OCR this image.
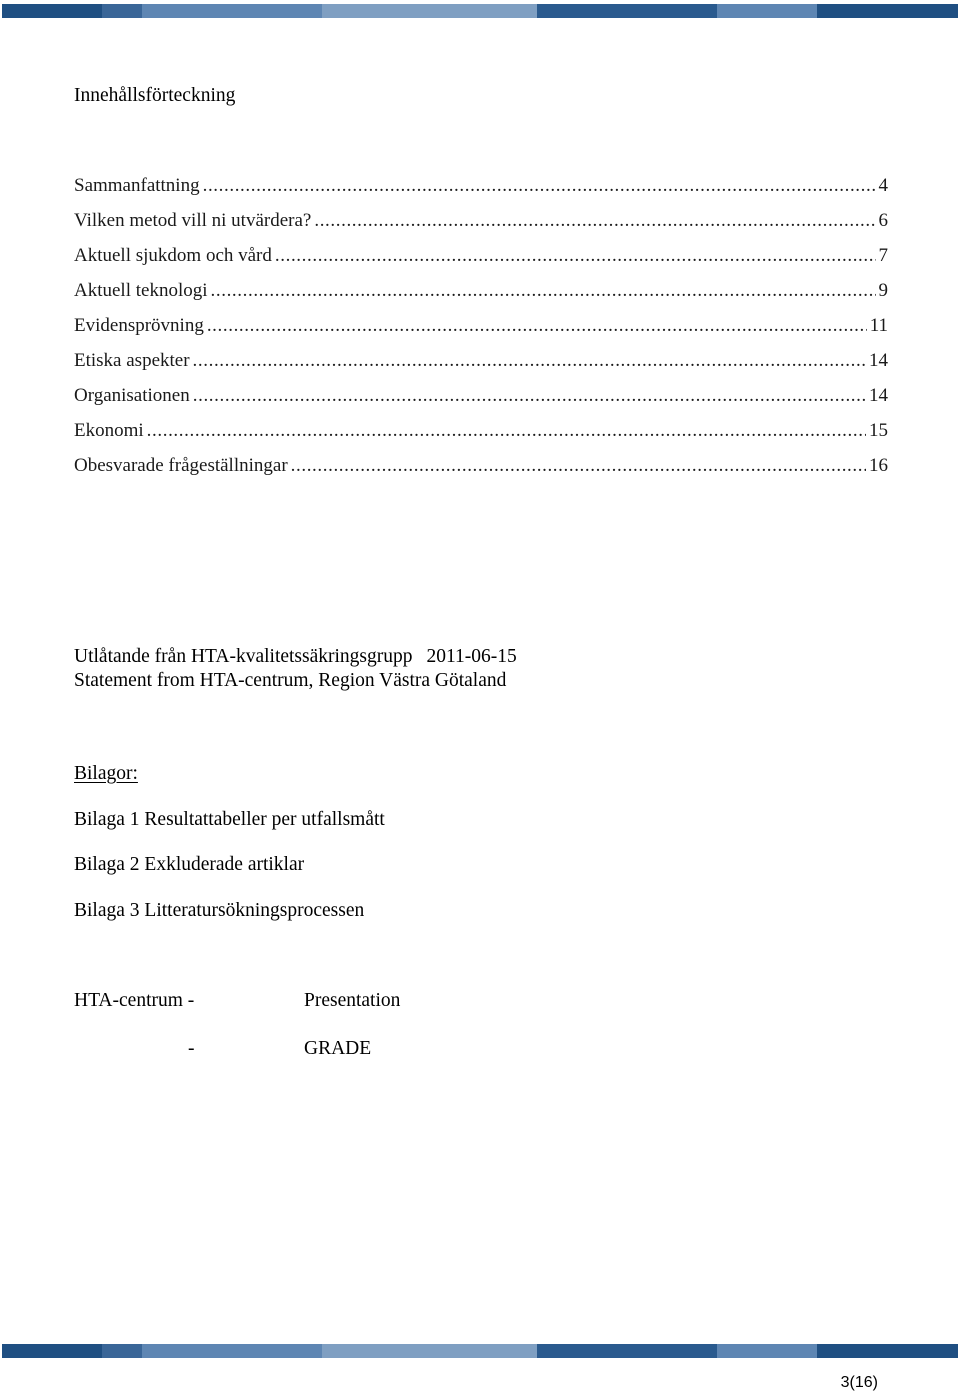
Innehållsförteckning
Sammanfattning .....	4
Vilken metod vill ni utvärdera? .....	6
Aktuell sjukdom och vård .....	7
Aktuell teknologi .....	9
Evidensprövning .....	11
Etiska aspekter .....	14
Organisationen .....	14
Ekonomi .....	15
Obesvarade frågeställningar .....	16
Utlåtande från HTA-kvalitetssäkringsgrupp 2011-06-15
Statement from HTA-centrum, Region Västra Götaland
Bilagor:
Bilaga 1 Resultattabeller per utfallsmått
Bilaga 2 Exkluderade artiklar
Bilaga 3 Litteratursökningsprocessen
HTA-centrum -	Presentation
-	GRADE
3(16)
